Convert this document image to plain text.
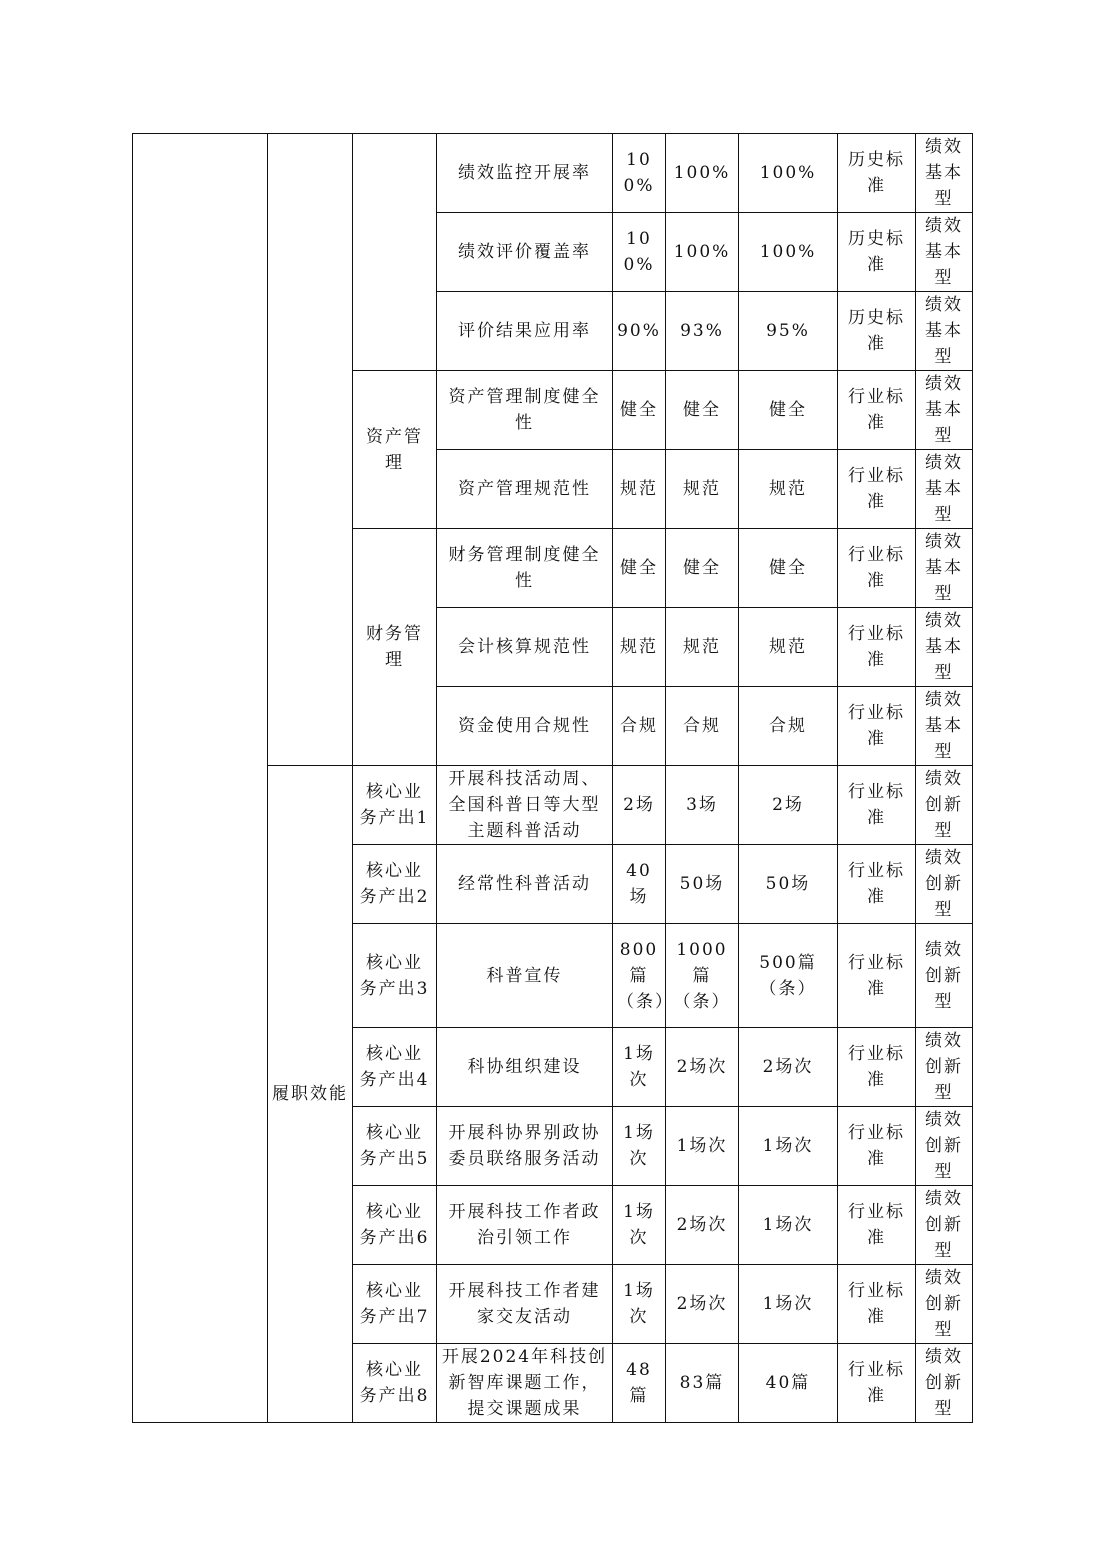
			绩效监控开展率	100%	100%	100%	历史标准	绩效基本型
			绩效评价覆盖率	100%	100%	100%	历史标准	绩效基本型
			评价结果应用率	90%	93%	95%	历史标准	绩效基本型
		资产管理	资产管理制度健全性	健全	健全	健全	行业标准	绩效基本型
			资产管理规范性	规范	规范	规范	行业标准	绩效基本型
		财务管理	财务管理制度健全性	健全	健全	健全	行业标准	绩效基本型
			会计核算规范性	规范	规范	规范	行业标准	绩效基本型
			资金使用合规性	合规	合规	合规	行业标准	绩效基本型
	履职效能	核心业务产出1	开展科技活动周、全国科普日等大型主题科普活动	2场	3场	2场	行业标准	绩效创新型
		核心业务产出2	经常性科普活动	40场	50场	50场	行业标准	绩效创新型
		核心业务产出3	科普宣传	800篇（条）	1000篇（条）	500篇（条）	行业标准	绩效创新型
		核心业务产出4	科协组织建设	1场次	2场次	2场次	行业标准	绩效创新型
		核心业务产出5	开展科协界别政协委员联络服务活动	1场次	1场次	1场次	行业标准	绩效创新型
		核心业务产出6	开展科技工作者政治引领工作	1场次	2场次	1场次	行业标准	绩效创新型
		核心业务产出7	开展科技工作者建家交友活动	1场次	2场次	1场次	行业标准	绩效创新型
		核心业务产出8	开展2024年科技创新智库课题工作，提交课题成果	48篇	83篇	40篇	行业标准	绩效创新型
